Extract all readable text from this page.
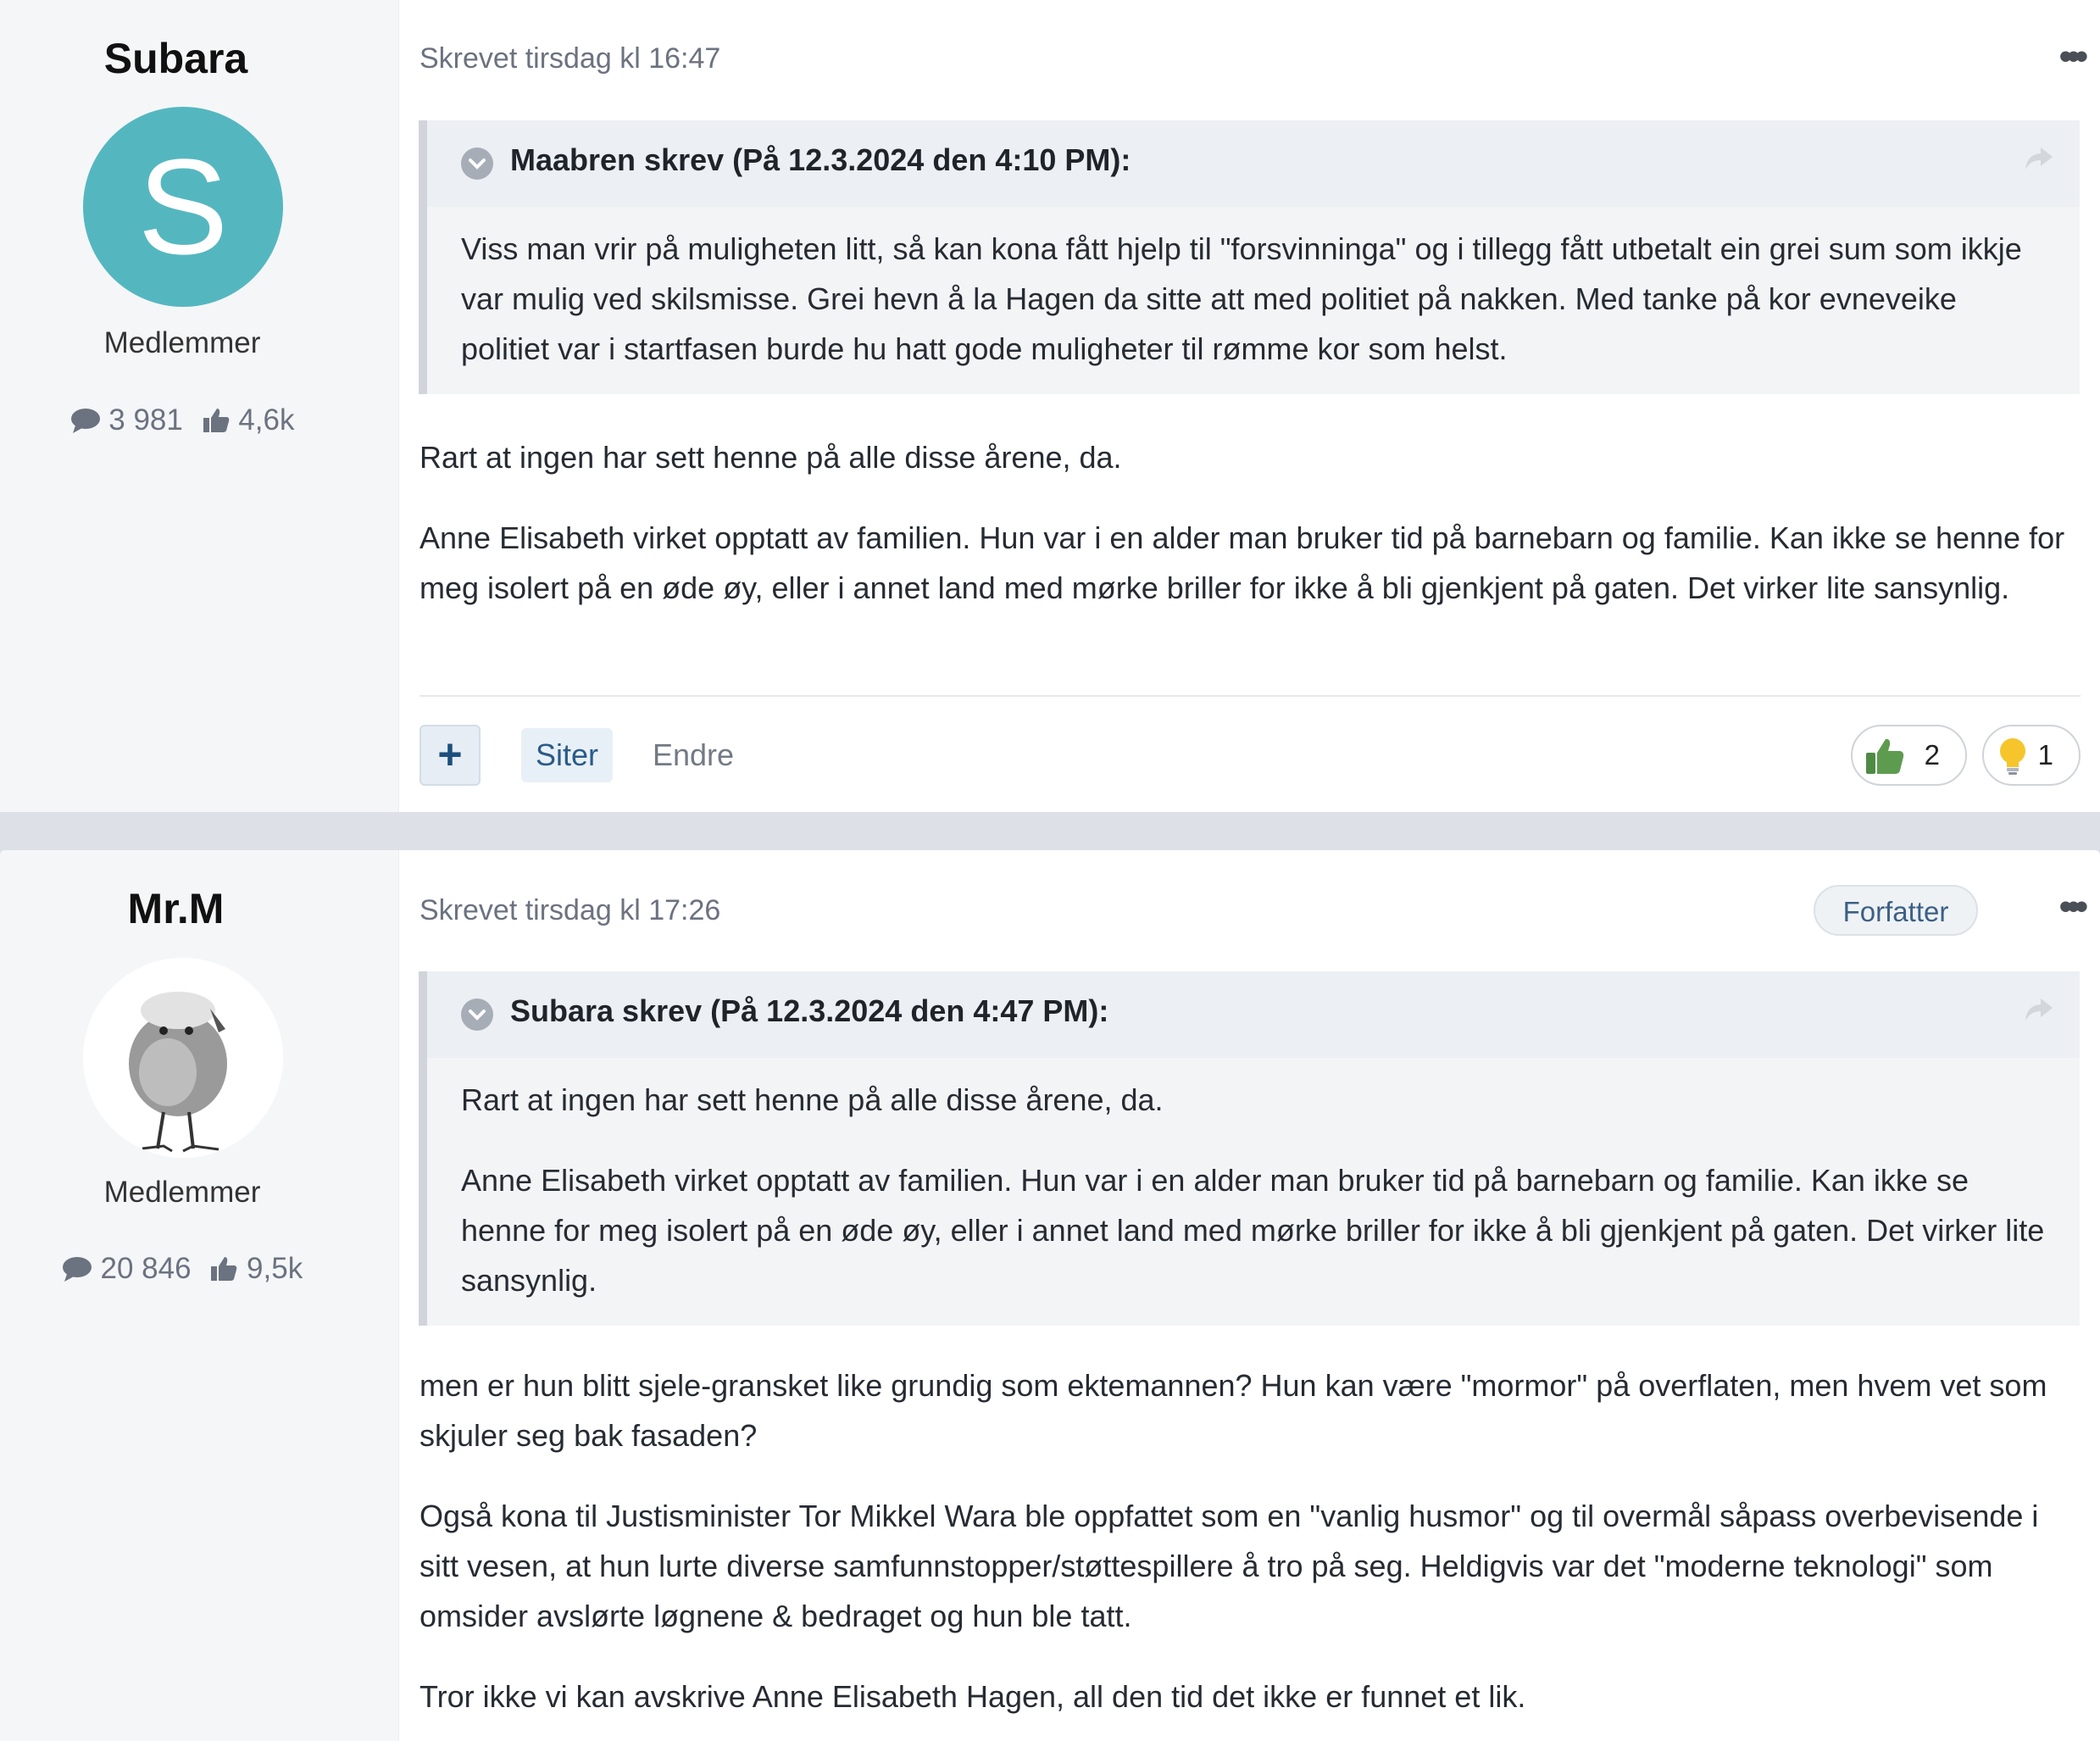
Subara
S
Medlemmer
3 981 4,6k
Skrevet tirsdag kl 16:47	•••
Maabren skrev (På 12.3.2024 den 4:10 PM):

Viss man vrir på muligheten litt, så kan kona fått hjelp til "forsvinninga" og i tillegg fått utbetalt ein grei sum som ikkje var mulig ved skilsmisse. Grei hevn å la Hagen da sitte att med politiet på nakken. Med tanke på kor evneveike politiet var i startfasen burde hu hatt gode muligheter til rømme kor som helst.

Rart at ingen har sett henne på alle disse årene, da.

Anne Elisabeth virket opptatt av familien. Hun var i en alder man bruker tid på barnebarn og familie. Kan ikke se henne for meg isolert på en øde øy, eller i annet land med mørke briller for ikke å bli gjenkjent på gaten. Det virker lite sansynlig.

+	Siter	Endre	2	1
Mr.M
Medlemmer
20 846 9,5k
Skrevet tirsdag kl 17:26	Forfatter	•••
Subara skrev (På 12.3.2024 den 4:47 PM):

Rart at ingen har sett henne på alle disse årene, da.

Anne Elisabeth virket opptatt av familien. Hun var i en alder man bruker tid på barnebarn og familie. Kan ikke se henne for meg isolert på en øde øy, eller i annet land med mørke briller for ikke å bli gjenkjent på gaten. Det virker lite sansynlig.

men er hun blitt sjele-gransket like grundig som ektemannen? Hun kan være "mormor" på overflaten, men hvem vet som skjuler seg bak fasaden?

Også kona til Justisminister Tor Mikkel Wara ble oppfattet som en "vanlig husmor" og til overmål såpass overbevisende i sitt vesen, at hun lurte diverse samfunnstopper/støttespillere å tro på seg. Heldigvis var det "moderne teknologi" som omsider avslørte løgnene & bedraget og hun ble tatt.

Tror ikke vi kan avskrive Anne Elisabeth Hagen, all den tid det ikke er funnet et lik.
